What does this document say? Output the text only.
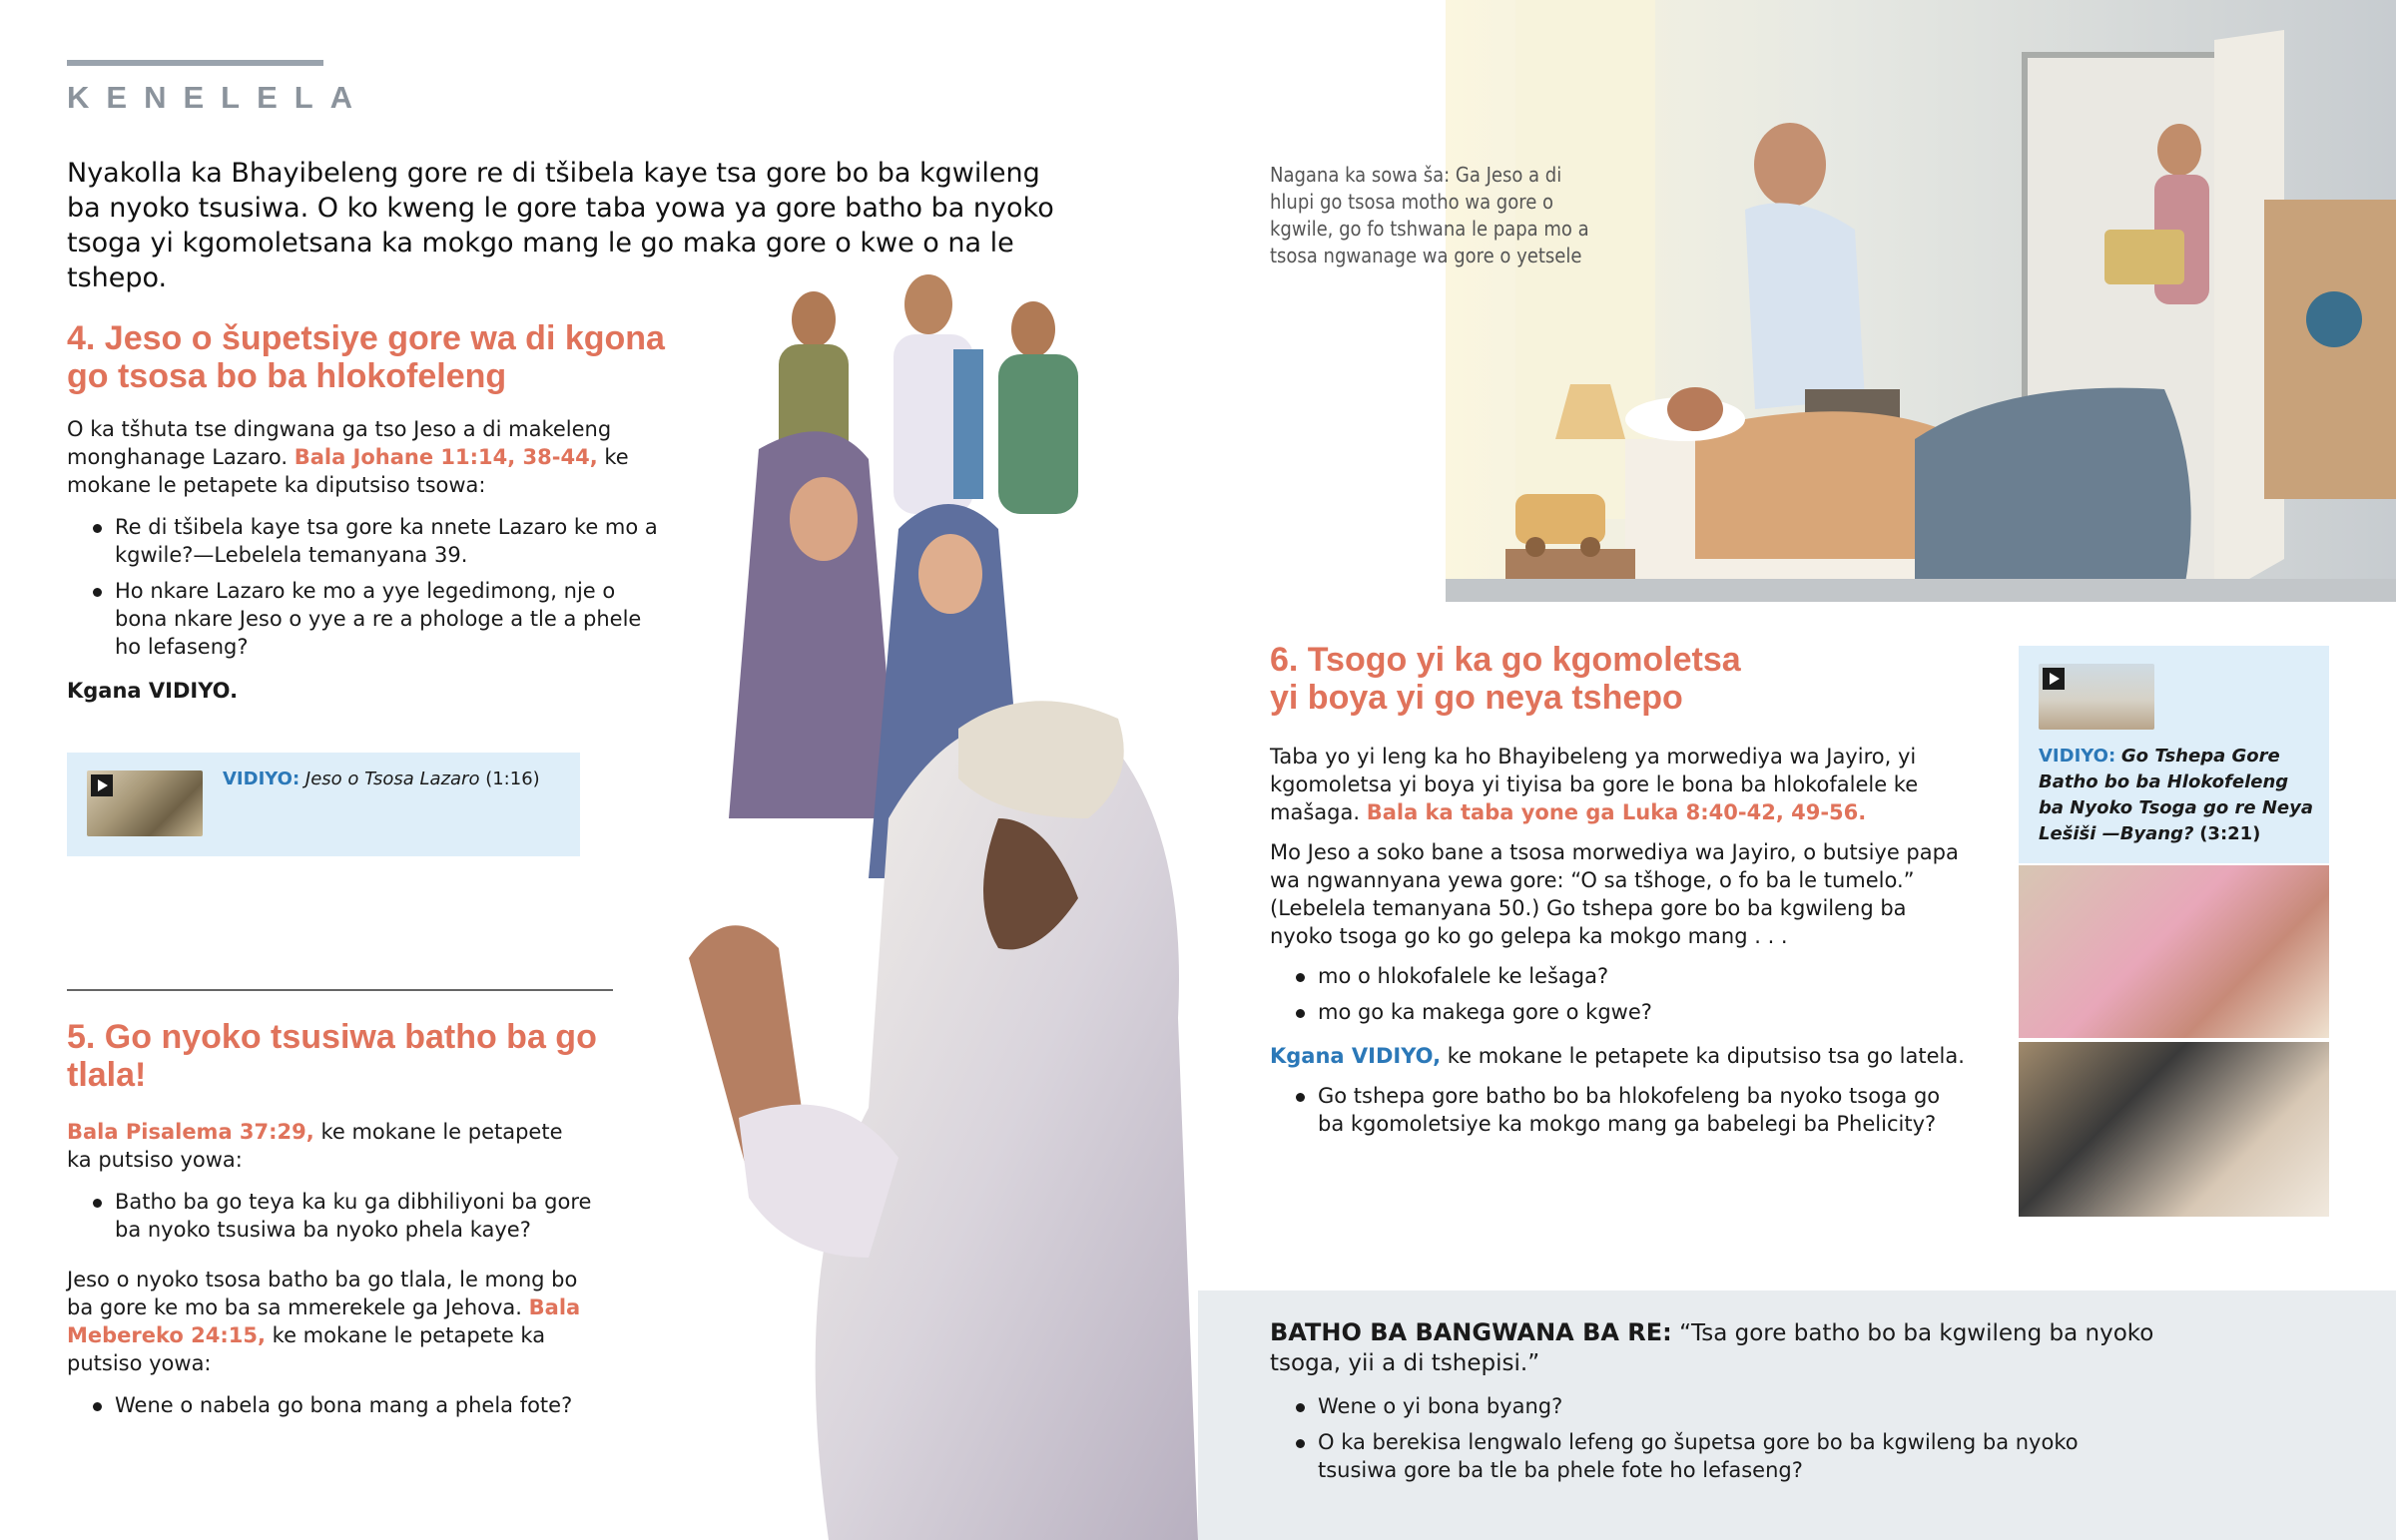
KENELELA
Nyakolla ka Bhayibeleng gore re di tšibela kaye tsa gore bo ba kgwileng ba nyoko tsusiwa. O ko kweng le gore taba yowa ya gore batho ba nyoko tsoga yi kgomoletsana ka mokgo mang le go maka gore o kwe o na le tshepo.
4. Jeso o šupetsiye gore wa di kgona
go tsosa bo ba hlokofeleng

O ka tšhuta tse dingwana ga tso Jeso a di makeleng monghanage Lazaro. Bala Johane 11:14, 38-44, ke mokane le petapete ka diputsiso tsowa:

Re di tšibela kaye tsa gore ka nnete Lazaro ke mo a kgwile?—Lebelela temanyana 39.
Ho nkare Lazaro ke mo a yye legedimong, nje o bona nkare Jeso o yye a re a phologe a tle a phele ho lefaseng?

Kgana VIDIYO.

VIDIYO: Jeso o Tsosa Lazaro (1:16)
5. Go nyoko tsusiwa batho ba go
tlala!

Bala Pisalema 37:29, ke mokane le petapete ka putsiso yowa:

Batho ba go teya ka ku ga dibhiliyoni ba gore ba nyoko tsusiwa ba nyoko phela kaye?

Jeso o nyoko tsosa batho ba go tlala, le mong bo ba gore ke mo ba sa mmerekele ga Jehova. Bala Mebereko 24:15, ke mokane le petapete ka putsiso yowa:

Wene o nabela go bona mang a phela fote?
Nagana ka sowa ša: Ga Jeso a di hlupi go tsosa motho wa gore o kgwile, go fo tshwana le papa mo a tsosa ngwanage wa gore o yetsele
6. Tsogo yi ka go kgomoletsa
yi boya yi go neya tshepo

Taba yo yi leng ka ho Bhayibeleng ya morwediya wa Jayiro, yi kgomoletsa yi boya yi tiyisa ba gore le bona ba hlokofalele ke mašaga. Bala ka taba yone ga Luka 8:40-42, 49-56.

Mo Jeso a soko bane a tsosa morwediya wa Jayiro, o butsiye papa wa ngwannyana yewa gore: “O sa tšhoge, o fo ba le tumelo.” (Lebelela temanyana 50.) Go tshepa gore bo ba kgwileng ba nyoko tsoga go ko go gelepa ka mokgo mang . . .

mo o hlokofalele ke lešaga?
mo go ka makega gore o kgwe?

Kgana VIDIYO, ke mokane le petapete ka diputsiso tsa go latela.

Go tshepa gore batho bo ba hlokofeleng ba nyoko tsoga go ba kgomoletsiye ka mokgo mang ga babelegi ba Phelicity?
VIDIYO: Go Tshepa Gore Batho bo ba Hlokofeleng ba Nyoko Tsoga go re Neya Lešiši —Byang? (3:21)

BATHO BA BANGWANA BA RE: “Tsa gore batho bo ba kgwileng ba nyoko tsoga, yii a di tshepisi.”

Wene o yi bona byang?
O ka berekisa lengwalo lefeng go šupetsa gore bo ba kgwileng ba nyoko tsusiwa gore ba tle ba phele fote ho lefaseng?
